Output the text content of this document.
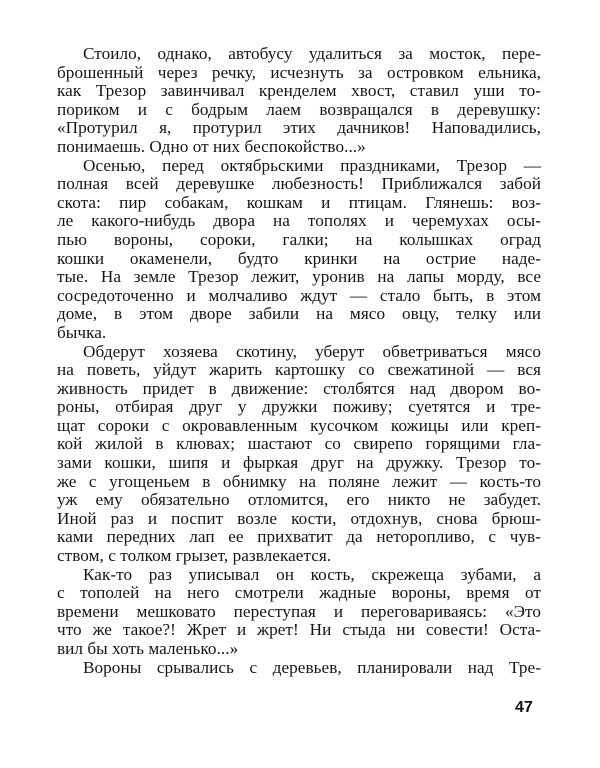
Стоило, однако, автобусу удалиться за мосток, пере-
брошенный через речку, исчезнуть за островком ельника,
как Трезор завинчивал кренделем хвост, ставил уши то-
пориком и с бодрым лаем возвращался в деревушку:
«Протурил я, протурил этих дачников! Наповадились,
понимаешь. Одно от них беспокойство...»
Осенью, перед октябрьскими праздниками, Трезор —
полная всей деревушке любезность! Приближался забой
скота: пир собакам, кошкам и птицам. Глянешь: воз-
ле какого-нибудь двора на тополях и черемухах осы-
пью вороны, сороки, галки; на колышках оград
кошки окаменели, будто кринки на острие наде-
тые. На земле Трезор лежит, уронив на лапы морду, все
сосредоточенно и молчаливо ждут — стало быть, в этом
доме, в этом дворе забили на мясо овцу, телку или
бычка.
Обдерут хозяева скотину, уберут обветриваться мясо
на поветь, уйдут жарить картошку со свежатиной — вся
живность придет в движение: столбятся над двором во-
роны, отбирая друг у дружки поживу; суетятся и тре-
щат сороки с окровавленным кусочком кожицы или креп-
кой жилой в клювах; шастают со свирепо горящими гла-
зами кошки, шипя и фыркая друг на дружку. Трезор то-
же с угощеньем в обнимку на поляне лежит — кость-то
уж ему обязательно отломится, его никто не забудет.
Иной раз и поспит возле кости, отдохнув, снова брюш-
ками передних лап ее прихватит да неторопливо, с чув-
ством, с толком грызет, развлекается.
Как-то раз уписывал он кость, скрежеща зубами, а
с тополей на него смотрели жадные вороны, время от
времени мешковато переступая и переговариваясь: «Это
что же такое?! Жрет и жрет! Ни стыда ни совести! Оста-
вил бы хоть маленько...»
Вороны срывались с деревьев, планировали над Тре-
47
